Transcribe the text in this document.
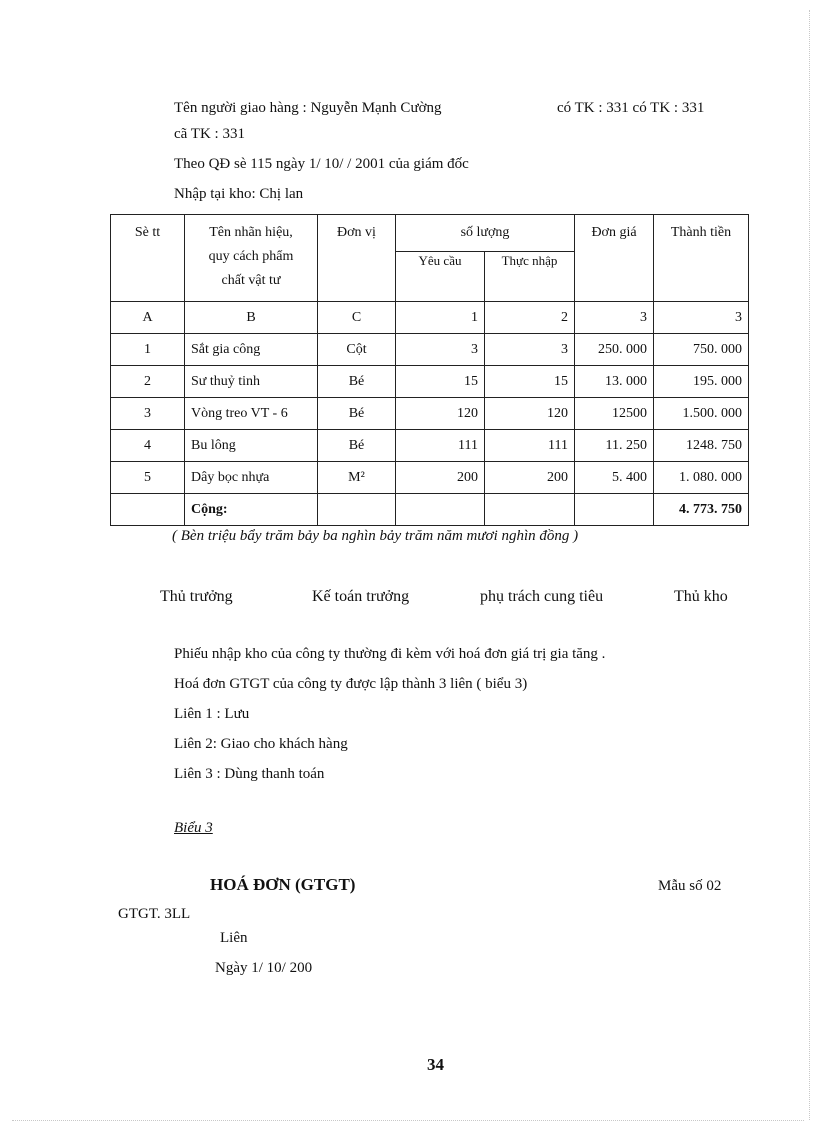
Tên người giao hàng : Nguyễn Mạnh Cường	có TK : 331 có TK : 331
cã TK : 331
Theo QĐ sè 115 ngày 1/ 10/ / 2001 của giám đốc
Nhập tại kho: Chị lan
Sè tt	Tên nhãn hiệu,
quy cách phẩm
chất vật tư	Đơn vị	số lượng		Đơn giá	Thành tiền
			Yêu cầu	Thực nhập		
A	B	C	1	2	3	3
1	Sắt gia công	Cột	3	3	250. 000	750. 000
2	Sư thuỷ tinh	Bé	15	15	13. 000	195. 000
3	Vòng treo VT - 6	Bé	120	120	12500	1.500. 000
4	Bu lông	Bé	111	111	11. 250	1248. 750
5	Dây bọc nhựa	M²	200	200	5. 400	1. 080. 000
	Cộng:					4. 773. 750
( Bèn triệu bẩy trăm bảy ba nghìn bảy trăm năm mươi nghìn đồng )
Thủ trưởng	Kế toán trưởng	phụ trách cung tiêu	Thủ kho
Phiếu nhập kho của công ty thường đi kèm với hoá đơn giá trị gia tăng .
Hoá đơn GTGT của công ty được lập thành 3 liên ( biểu 3)
Liên 1 : Lưu
Liên 2: Giao cho khách hàng
Liên 3 : Dùng thanh toán
Biểu 3
HOÁ ĐƠN (GTGT)	Mẫu số 02
GTGT. 3LL
Liên
Ngày 1/ 10/ 200
34
